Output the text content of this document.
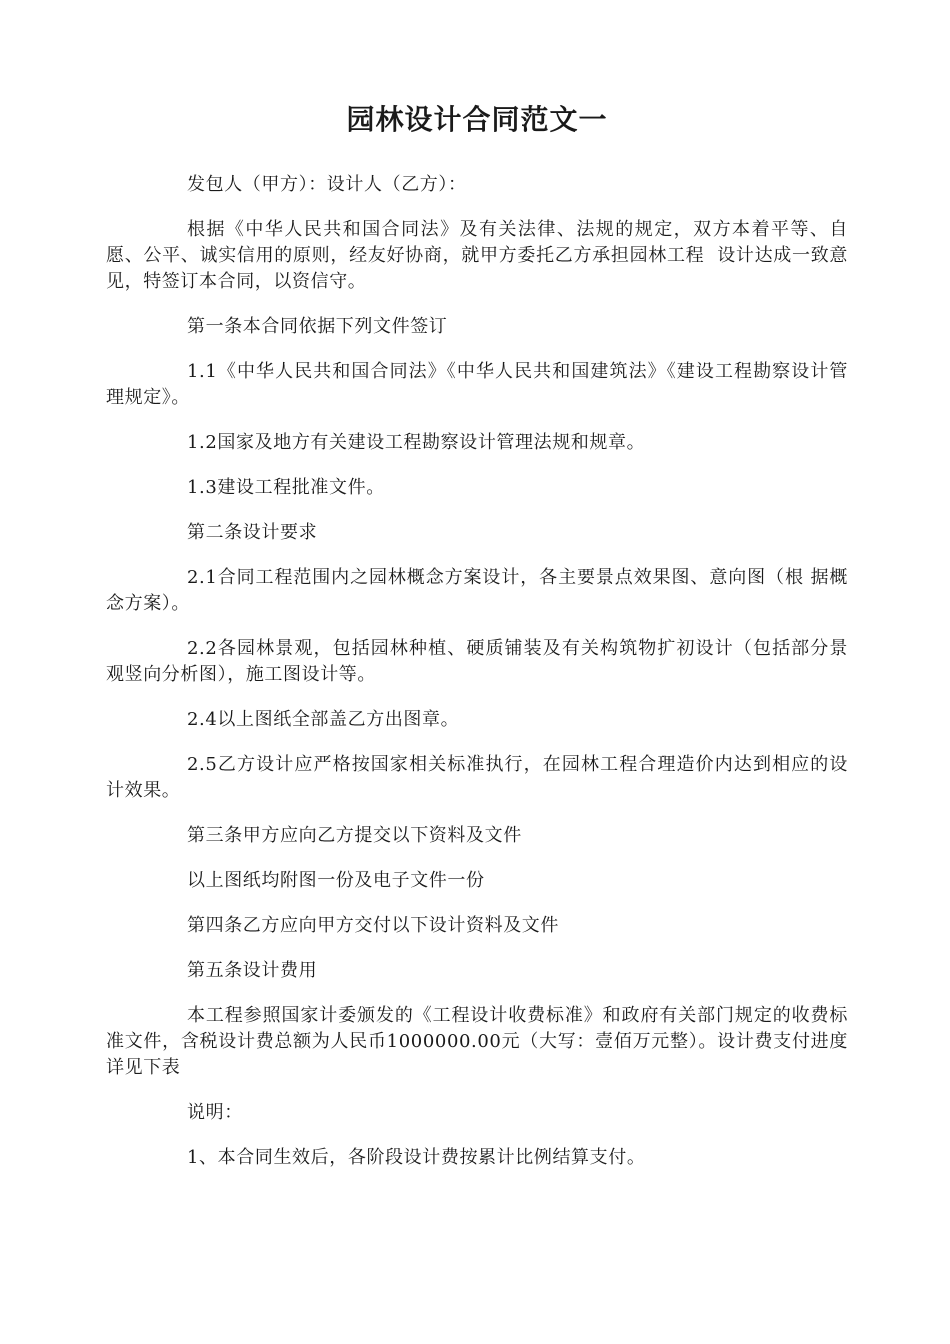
园林设计合同范文一

发包人（甲方）：设计人（乙方）：

根据《中华人民共和国合同法》及有关法律、法规的规定，双方本着平等、自愿、公平、诚实信用的原则，经友好协商，就甲方委托乙方承担园林工程  设计达成一致意见，特签订本合同，以资信守。

第一条本合同依据下列文件签订

1.1《中华人民共和国合同法》《中华人民共和国建筑法》《建设工程勘察设计管理规定》。

1.2国家及地方有关建设工程勘察设计管理法规和规章。

1.3建设工程批准文件。

第二条设计要求

2.1合同工程范围内之园林概念方案设计，各主要景点效果图、意向图（根 据概念方案）。

2.2各园林景观，包括园林种植、硬质铺装及有关构筑物扩初设计（包括部分景观竖向分析图），施工图设计等。

2.4以上图纸全部盖乙方出图章。

2.5乙方设计应严格按国家相关标准执行，在园林工程合理造价内达到相应的设计效果。

第三条甲方应向乙方提交以下资料及文件

以上图纸均附图一份及电子文件一份

第四条乙方应向甲方交付以下设计资料及文件

第五条设计费用

本工程参照国家计委颁发的《工程设计收费标准》和政府有关部门规定的收费标准文件，含税设计费总额为人民币1000000.00元（大写：壹佰万元整）。设计费支付进度详见下表

说明：

1、本合同生效后，各阶段设计费按累计比例结算支付。
